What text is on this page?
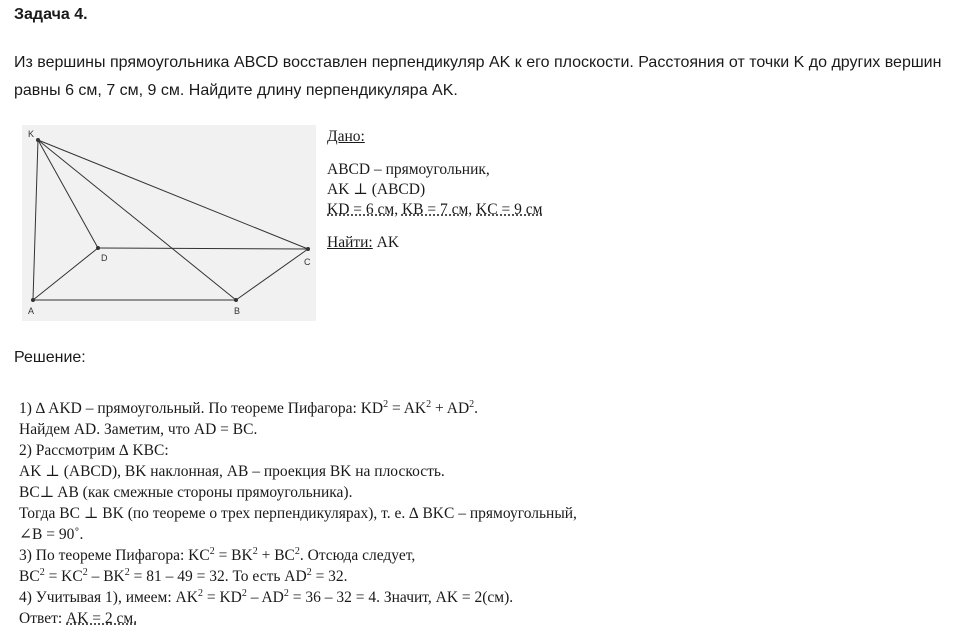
Задача 4.
Из вершины прямоугольника ABCD восставлен перпендикуляр АK к его плоскости. Расстояния от точки K до других вершин равны 6 см, 7 см, 9 см. Найдите длину перпендикуляра АK.
K
A	B
C
D
Дано:
ABCD – прямоугольник,
AK ⊥ (ABCD)
KD = 6 см, KB = 7 см, KC = 9 см
Найти: AK
Решение:
1) ∆ AKD – прямоугольный. По теореме Пифагора: $KD^2 = AK^2 + AD^2$.
Найдем AD. Заметим, что AD = BC.
2) Рассмотрим ∆ KBC:
AK ⊥ (ABCD), BK наклонная, AB – проекция BK на плоскость.
BC⊥ AB (как смежные стороны прямоугольника).
Тогда BC ⊥ BK (по теореме о трех перпендикулярах), т. е. ∆ BKC – прямоугольный,
∠B = 90˚.
3) По теореме Пифагора: $KC^2 = BK^2 + BC^2$. Отсюда следует,
$BC^2 = KC^2 - BK^2 = 81 - 49 = 32$. То есть $AD^2 = 32$.
4) Учитывая 1), имеем: $AK^2 = KD^2 - AD^2 = 36 - 32 = 4$. Значит, AK = 2(см).
Ответ: AK = 2 см.
